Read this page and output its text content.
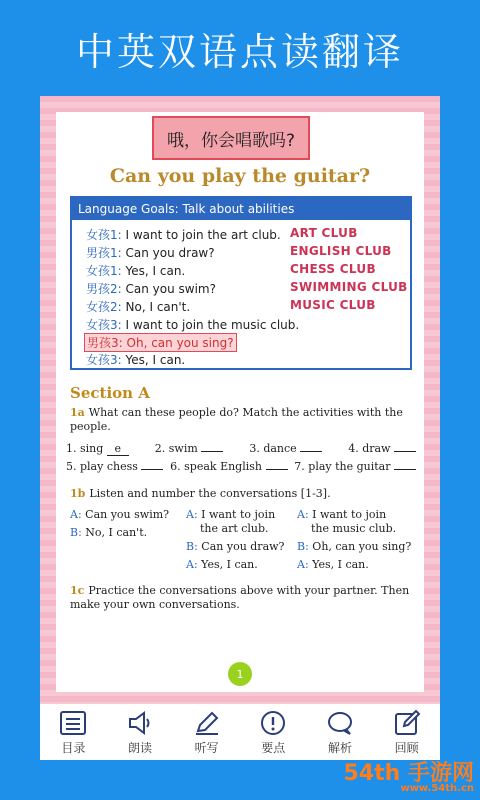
中英双语点读翻译
哦，你会唱歌吗?
Can you play the guitar?
Language Goals: Talk about abilities
女孩1: I want to join the art club.
男孩1: Can you draw?
女孩1: Yes, I can.
男孩2: Can you swim?
女孩2: No, I can't.
女孩3: I want to join the music club.
男孩3: Oh, can you sing?
女孩3: Yes, I can.
ART CLUB
ENGLISH CLUB
CHESS CLUB
SWIMMING CLUB
MUSIC CLUB
Section A
1a What can these people do? Match the activities with the people.
1. sing e	2. swim	3. dance	4. draw
5. play chess	6. speak English	7. play the guitar
1b Listen and number the conversations [1-3].
A: Can you swim?
B: No, I can't.
A: I want to join
the art club.
B: Can you draw?
A: Yes, I can.
A: I want to join
the music club.
B: Oh, can you sing?
A: Yes, I can.
1c Practice the conversations above with your partner. Then make your own conversations.
1
目录	朗读	听写	要点	解析	回顾
54th 手游网
www.54th.cn
